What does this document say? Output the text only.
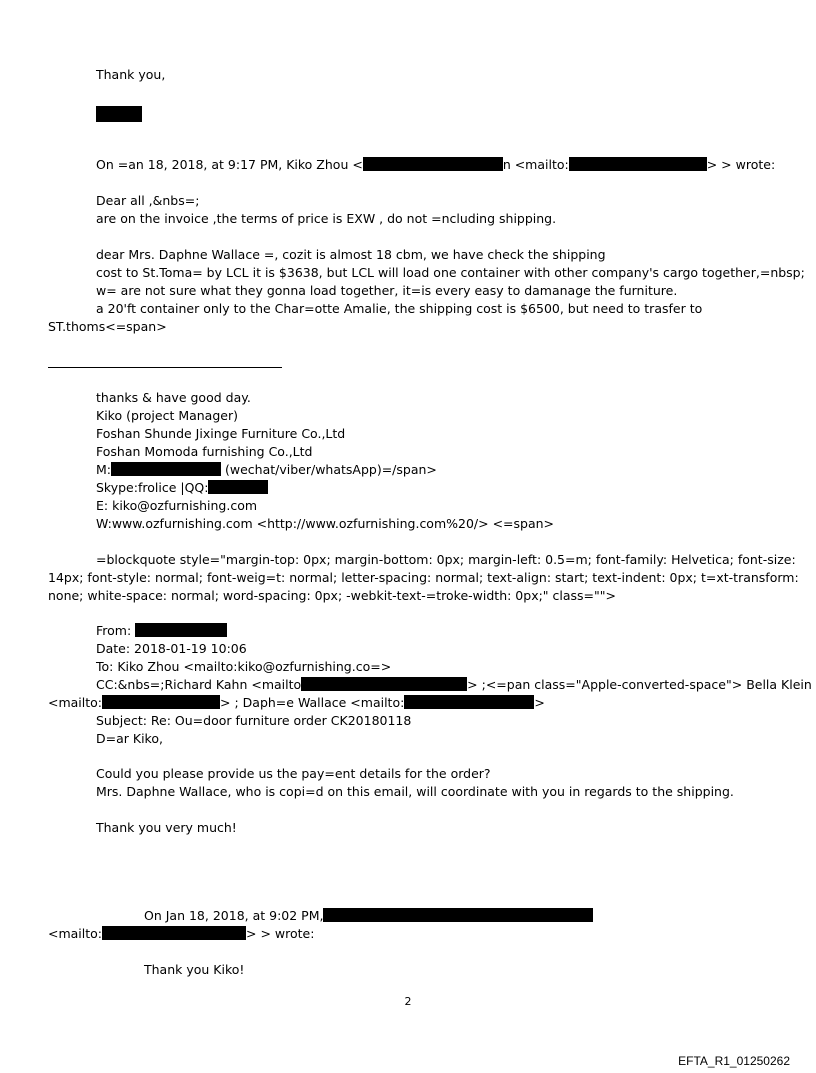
Thank you,
On =an 18, 2018, at 9:17 PM, Kiko Zhou <	n <mailto:	> > wrote:
Dear all ,&nbs=;
are on the invoice ,the terms of price is EXW , do not =ncluding shipping.
dear Mrs. Daphne Wallace =, cozit is almost 18 cbm, we have check the shipping
cost to St.Toma= by LCL it is $3638, but LCL will load one container with other company's cargo together,=nbsp;
w= are not sure what they gonna load together, it=is every easy to damanage the furniture.
a 20'ft container only to the Char=otte Amalie, the shipping cost is $6500, but need to trasfer to
ST.thoms<=span>
thanks & have good day.
Kiko (project Manager)
Foshan Shunde Jixinge Furniture Co.,Ltd
Foshan Momoda furnishing Co.,Ltd
M:	(wechat/viber/whatsApp)=/span>
Skype:frolice |QQ:
E: kiko@ozfurnishing.com
W:www.ozfurnishing.com <http://www.ozfurnishing.com%20/> <=span>
=blockquote style="margin-top: 0px; margin-bottom: 0px; margin-left: 0.5=m; font-family: Helvetica; font-size:
14px; font-style: normal; font-weig=t: normal; letter-spacing: normal; text-align: start; text-indent: 0px; t=xt-transform:
none; white-space: normal; word-spacing: 0px; -webkit-text-=troke-width: 0px;" class="">
From:
Date: 2018-01-19 10:06
To: Kiko Zhou <mailto:kiko@ozfurnishing.co=>
CC:&nbs=;Richard Kahn <mailto	> ;<=pan class="Apple-converted-space"> Bella Klein
<mailto:	> ; Daph=e Wallace <mailto:	>
Subject: Re: Ou=door furniture order CK20180118
D=ar Kiko,
Could you please provide us the pay=ent details for the order?
Mrs. Daphne Wallace, who is copi=d on this email, will coordinate with you in regards to the shipping.
Thank you very much!
On Jan 18, 2018, at 9:02 PM,
<mailto:	> > wrote:
Thank you Kiko!
2
EFTA_R1_01250262
